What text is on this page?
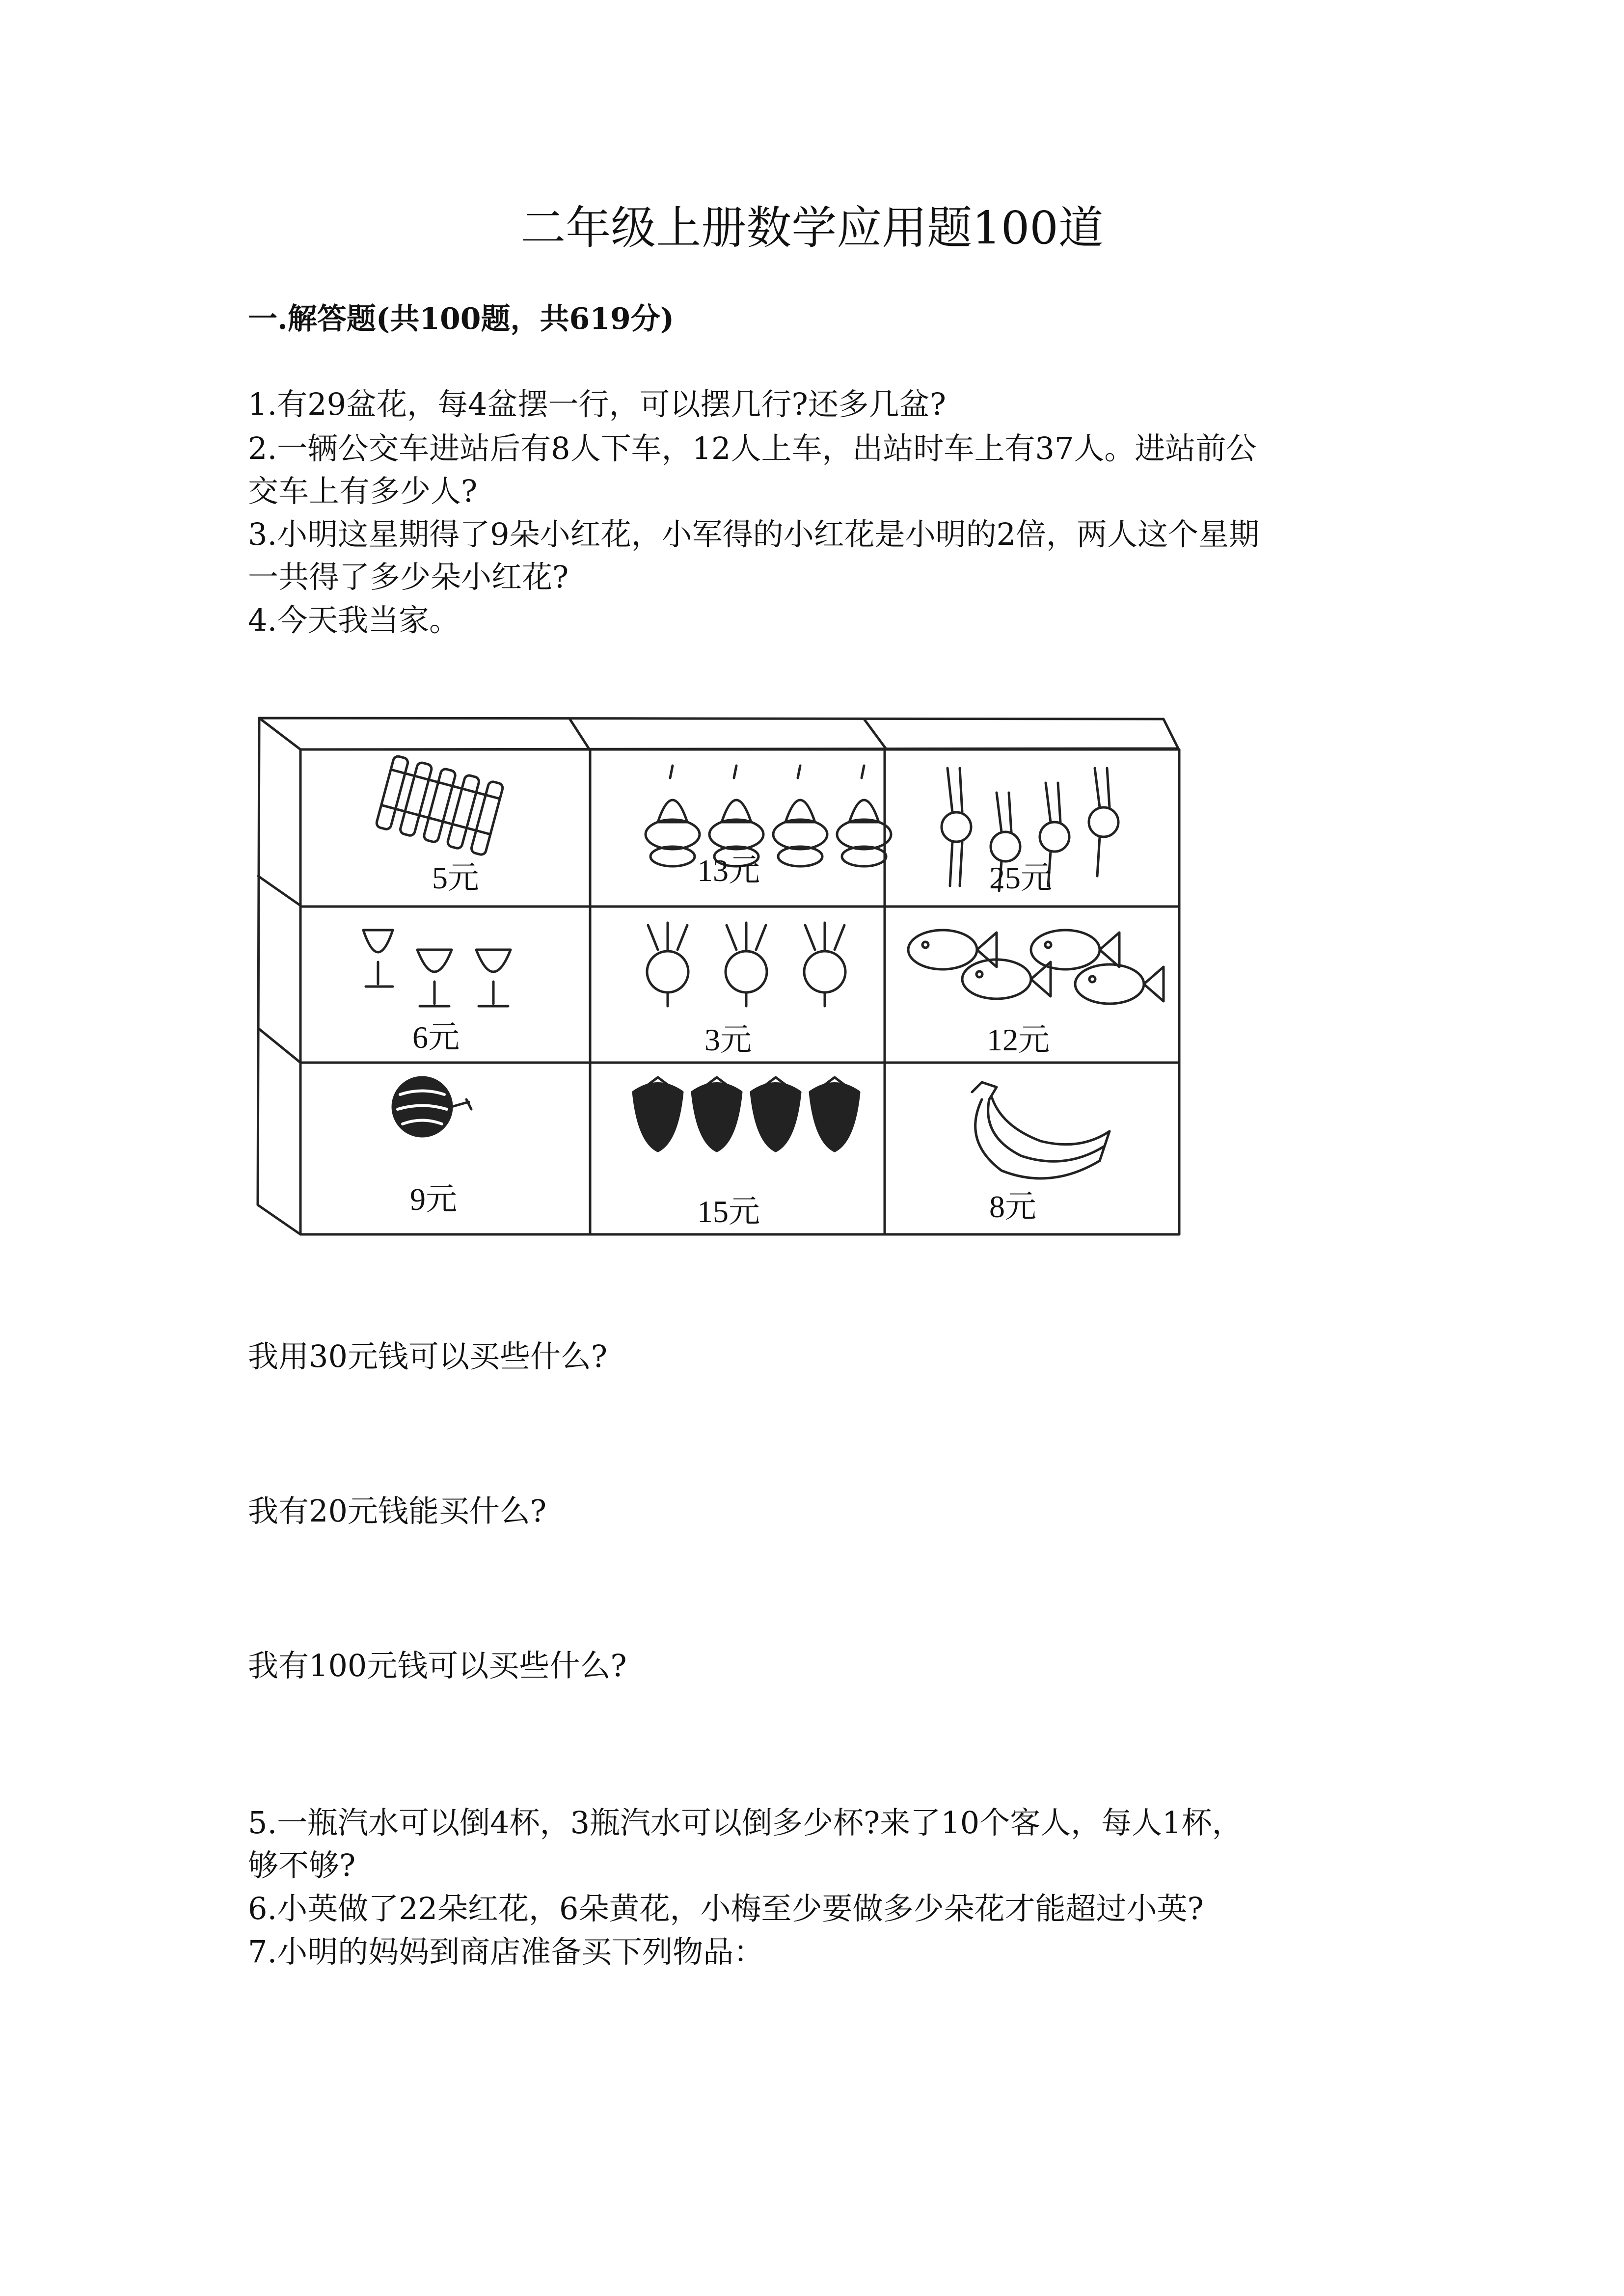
二年级上册数学应用题100道
一.解答题(共100题，共619分)

1.有29盆花，每4盆摆一行，可以摆几行?还多几盆?

2.一辆公交车进站后有8人下车，12人上车，出站时车上有37人。进站前公

交车上有多少人?

3.小明这星期得了9朵小红花，小军得的小红花是小明的2倍，两人这个星期

一共得了多少朵小红花?

4.今天我当家。

5元	13元	25元
6元	3元	12元
9元	15元	8元

我用30元钱可以买些什么?

我有20元钱能买什么?

我有100元钱可以买些什么?

5.一瓶汽水可以倒4杯，3瓶汽水可以倒多少杯?来了10个客人，每人1杯，

够不够?

6.小英做了22朵红花，6朵黄花，小梅至少要做多少朵花才能超过小英?

7.小明的妈妈到商店准备买下列物品：
